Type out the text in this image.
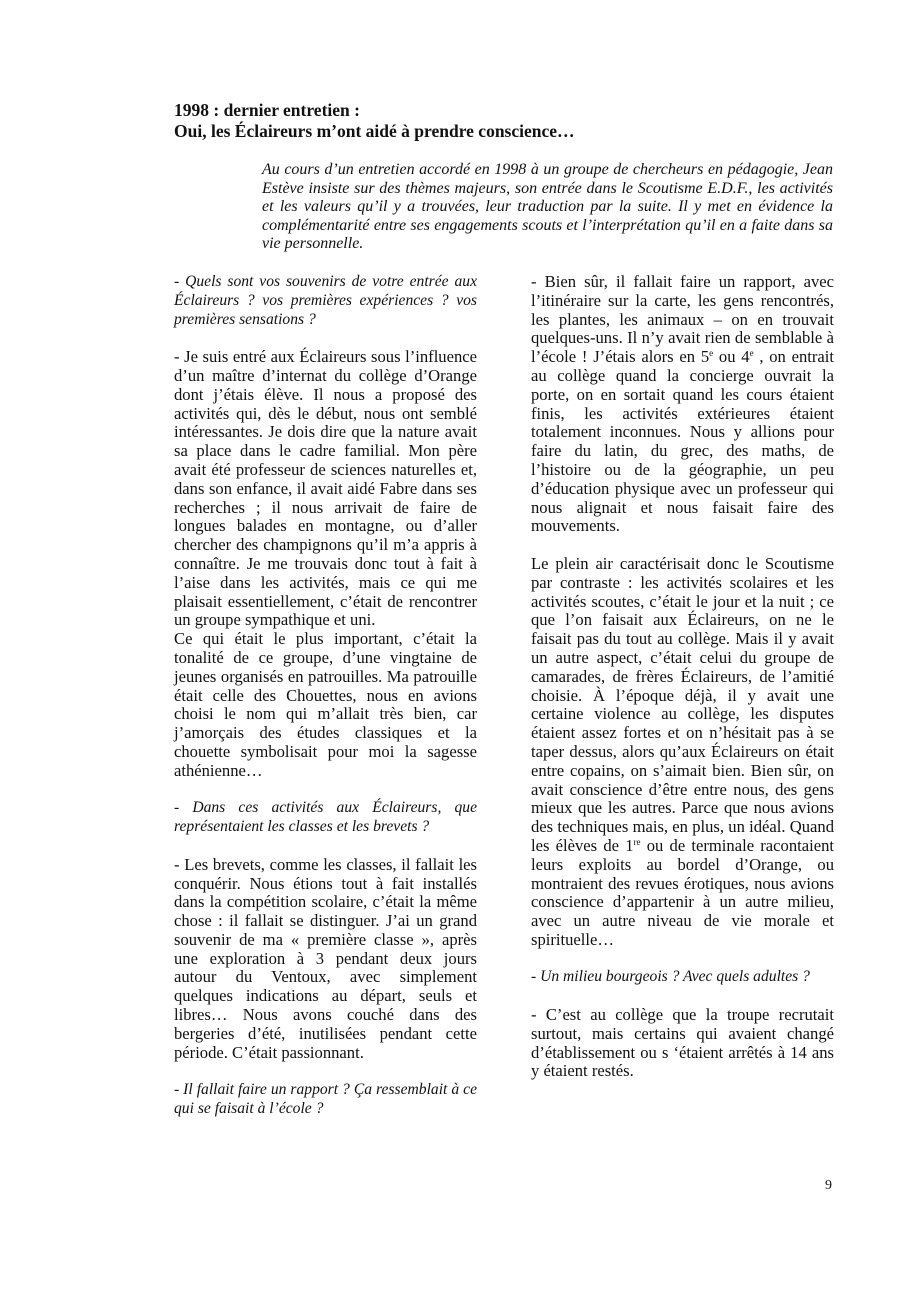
1998 : dernier entretien :
Oui, les Éclaireurs m’ont aidé à prendre conscience…
Au cours d’un entretien accordé en 1998 à un groupe de chercheurs en pédagogie, Jean Estève insiste sur des thèmes majeurs, son entrée dans le Scoutisme E.D.F., les activités et les valeurs qu’il y a trouvées, leur traduction par la suite. Il y met en évidence la complémentarité entre ses engagements scouts et l’interprétation qu’il en a faite dans sa vie personnelle.

- Quels sont vos souvenirs de votre entrée aux Éclaireurs ? vos premières expériences ? vos premières sensations ?

- Je suis entré aux Éclaireurs sous l’influence d’un maître d’internat du collège d’Orange dont j’étais élève. Il nous a proposé des activités qui, dès le début, nous ont semblé intéressantes. Je dois dire que la nature avait sa place dans le cadre familial. Mon père avait été professeur de sciences naturelles et, dans son enfance, il avait aidé Fabre dans ses recherches ; il nous arrivait de faire de longues balades en montagne, ou d’aller chercher des champignons qu’il m’a appris à connaître. Je me trouvais donc tout à fait à l’aise dans les activités, mais ce qui me plaisait essentiellement, c’était de rencontrer un groupe sympathique et uni.

Ce qui était le plus important, c’était la tonalité de ce groupe, d’une vingtaine de jeunes organisés en patrouilles. Ma patrouille était celle des Chouettes, nous en avions choisi le nom qui m’allait très bien, car j’amorçais des études classiques et la chouette symbolisait pour moi la sagesse athénienne…

- Dans ces activités aux Éclaireurs, que représentaient les classes et les brevets ?

- Les brevets, comme les classes, il fallait les conquérir. Nous étions tout à fait installés dans la compétition scolaire, c’était la même chose : il fallait se distinguer. J’ai un grand souvenir de ma « première classe », après une exploration à 3 pendant deux jours autour du Ventoux, avec simplement quelques indications au départ, seuls et libres… Nous avons couché dans des bergeries d’été, inutilisées pendant cette période. C’était passionnant.

- Il fallait faire un rapport ? Ça ressemblait à ce qui se faisait à l’école ?

- Bien sûr, il fallait faire un rapport, avec l’itinéraire sur la carte, les gens rencontrés, les plantes, les animaux – on en trouvait quelques-uns. Il n’y avait rien de semblable à l’école ! J’étais alors en 5e ou 4e , on entrait au collège quand la concierge ouvrait la porte, on en sortait quand les cours étaient finis, les activités extérieures étaient totalement inconnues. Nous y allions pour faire du latin, du grec, des maths, de l’histoire ou de la géographie, un peu d’éducation physique avec un professeur qui nous alignait et nous faisait faire des mouvements.

Le plein air caractérisait donc le Scoutisme par contraste : les activités scolaires et les activités scoutes, c’était le jour et la nuit ; ce que l’on faisait aux Éclaireurs, on ne le faisait pas du tout au collège. Mais il y avait un autre aspect, c’était celui du groupe de camarades, de frères Éclaireurs, de l’amitié choisie. À l’époque déjà, il y avait une certaine violence au collège, les disputes étaient assez fortes et on n’hésitait pas à se taper dessus, alors qu’aux Éclaireurs on était entre copains, on s’aimait bien. Bien sûr, on avait conscience d’être entre nous, des gens mieux que les autres. Parce que nous avions des techniques mais, en plus, un idéal. Quand les élèves de 1re ou de terminale racontaient leurs exploits au bordel d’Orange, ou montraient des revues érotiques, nous avions conscience d’appartenir à un autre milieu, avec un autre niveau de vie morale et spirituelle…

- Un milieu bourgeois ? Avec quels adultes ?

- C’est au collège que la troupe recrutait surtout, mais certains qui avaient changé d’établissement ou s ‘étaient arrêtés à 14 ans y étaient restés.

9
